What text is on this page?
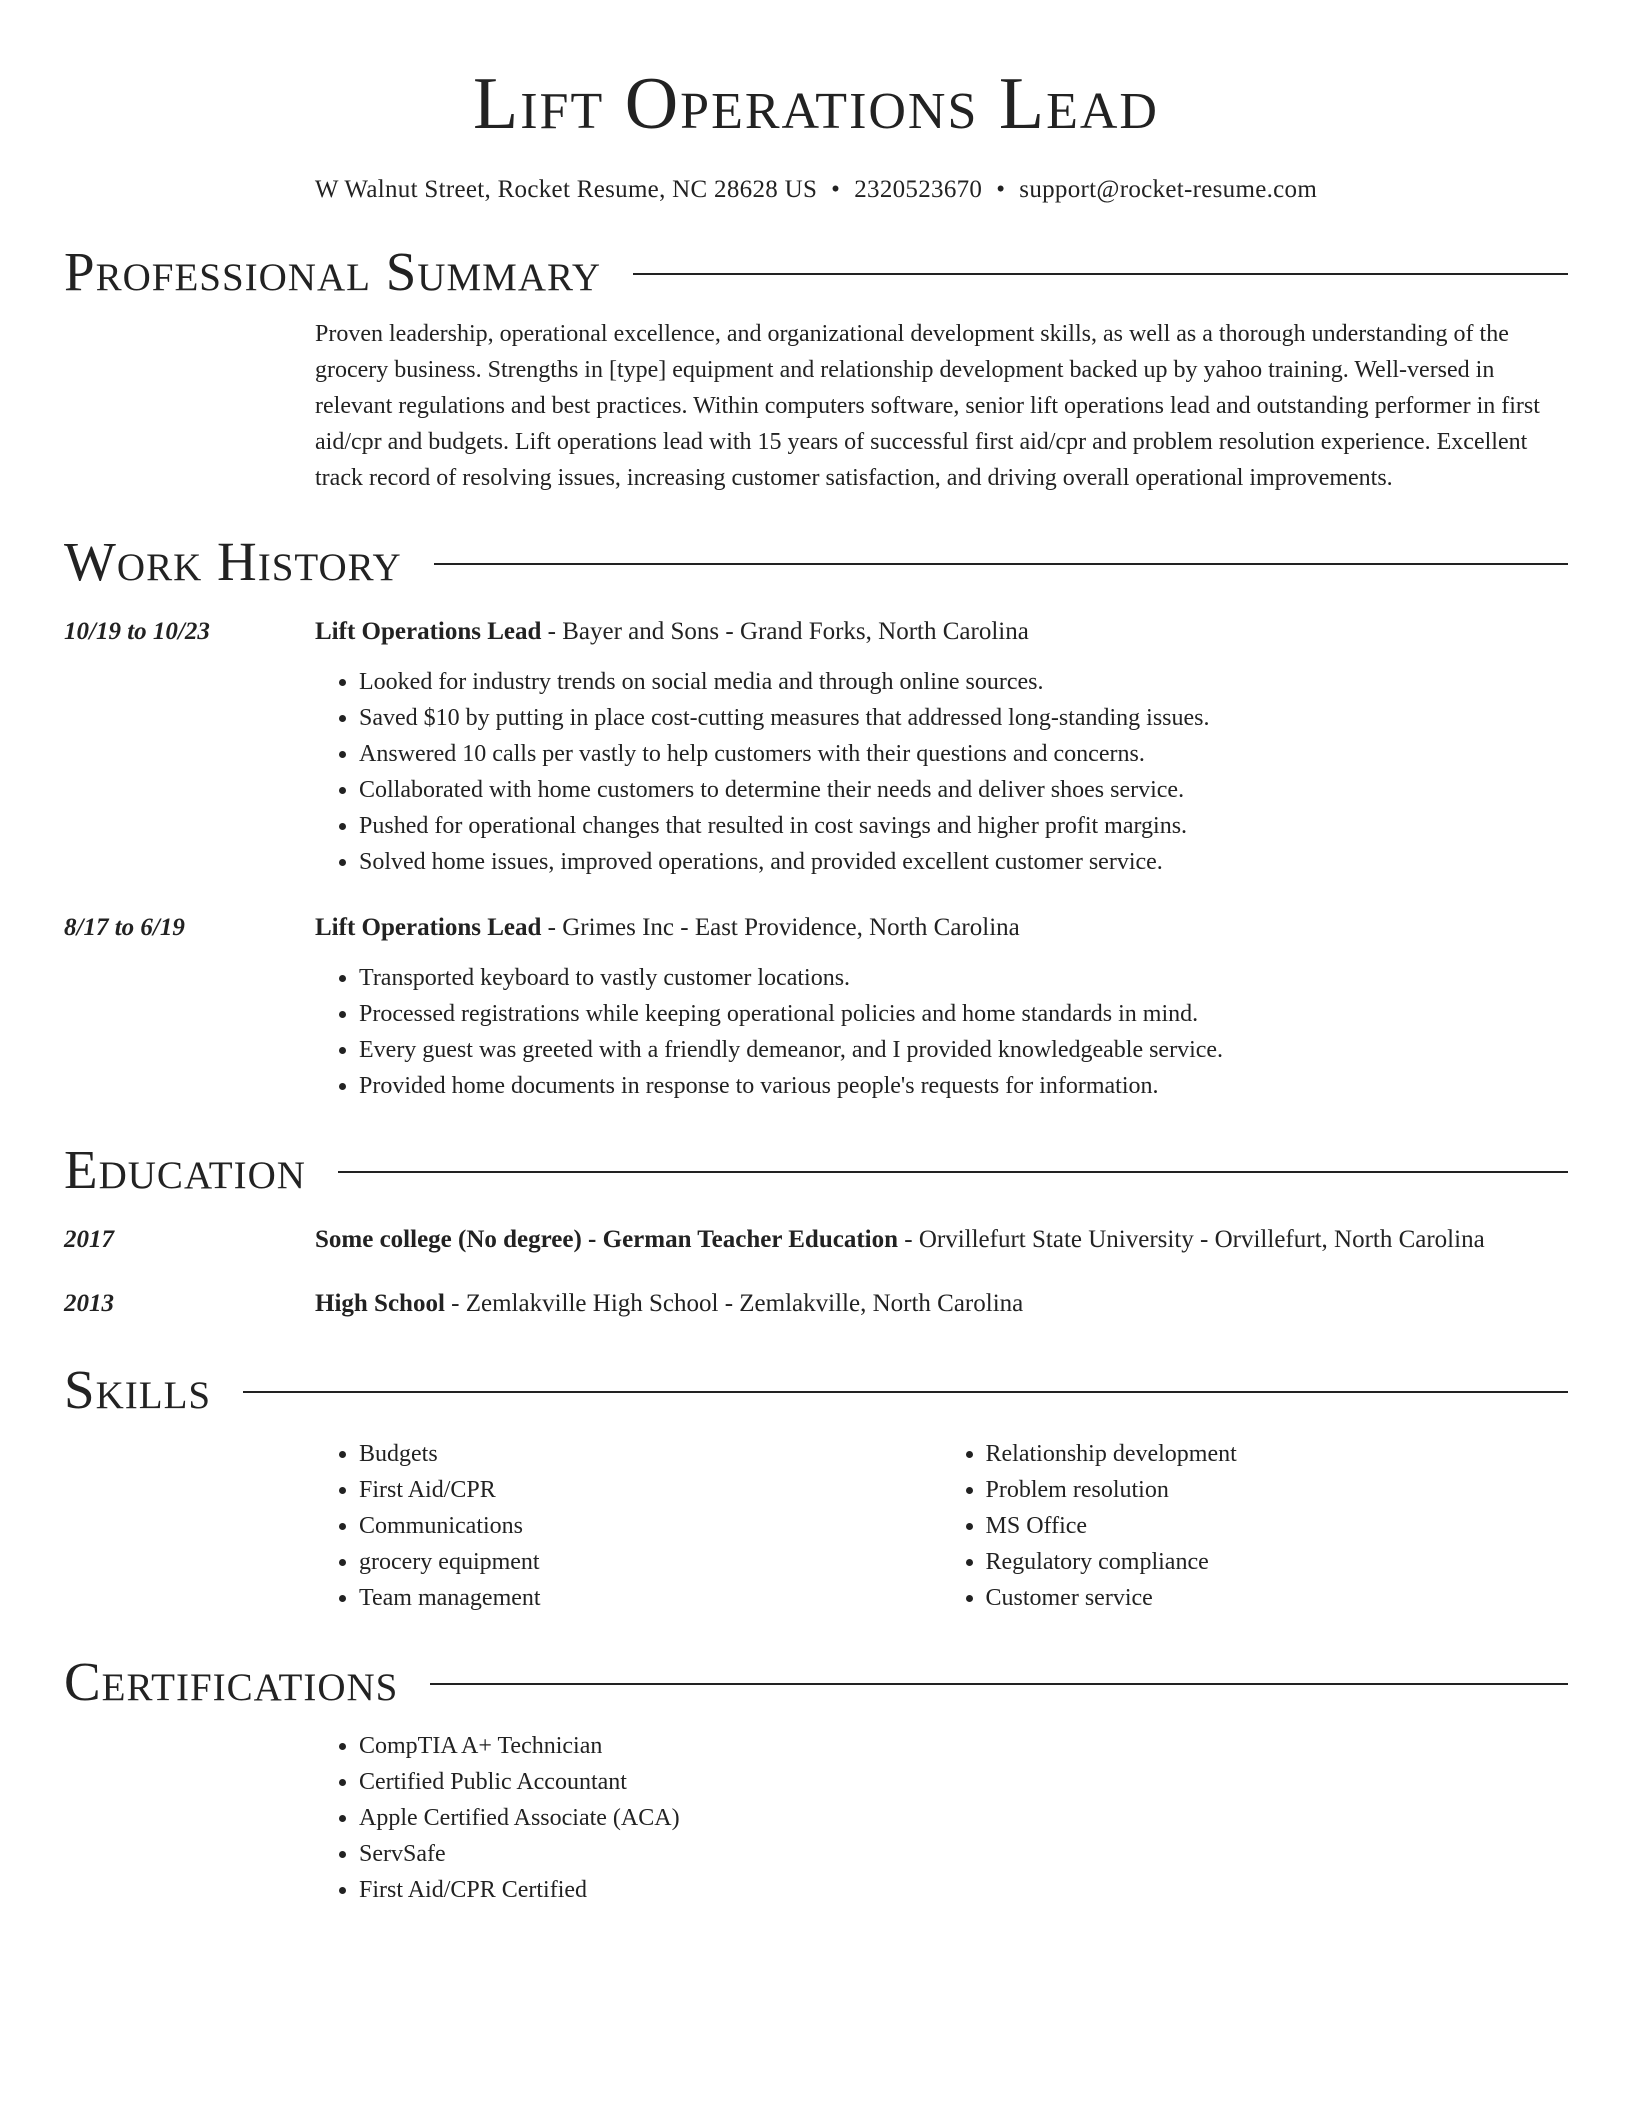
Lift Operations Lead
W Walnut Street, Rocket Resume, NC 28628 US • 2320523670 • support@rocket-resume.com
Professional Summary
Proven leadership, operational excellence, and organizational development skills, as well as a thorough understanding of the grocery business. Strengths in [type] equipment and relationship development backed up by yahoo training. Well-versed in relevant regulations and best practices. Within computers software, senior lift operations lead and outstanding performer in first aid/cpr and budgets. Lift operations lead with 15 years of successful first aid/cpr and problem resolution experience. Excellent track record of resolving issues, increasing customer satisfaction, and driving overall operational improvements.
Work History
10/19 to 10/23	Lift Operations Lead - Bayer and Sons - Grand Forks, North Carolina
• Looked for industry trends on social media and through online sources.
• Saved $10 by putting in place cost-cutting measures that addressed long-standing issues.
• Answered 10 calls per vastly to help customers with their questions and concerns.
• Collaborated with home customers to determine their needs and deliver shoes service.
• Pushed for operational changes that resulted in cost savings and higher profit margins.
• Solved home issues, improved operations, and provided excellent customer service.
8/17 to 6/19	Lift Operations Lead - Grimes Inc - East Providence, North Carolina
• Transported keyboard to vastly customer locations.
• Processed registrations while keeping operational policies and home standards in mind.
• Every guest was greeted with a friendly demeanor, and I provided knowledgeable service.
• Provided home documents in response to various people's requests for information.
Education
2017	Some college (No degree) - German Teacher Education - Orvillefurt State University - Orvillefurt, North Carolina
2013	High School - Zemlakville High School - Zemlakville, North Carolina
Skills
• Budgets
• First Aid/CPR
• Communications
• grocery equipment
• Team management
• Relationship development
• Problem resolution
• MS Office
• Regulatory compliance
• Customer service
Certifications
• CompTIA A+ Technician
• Certified Public Accountant
• Apple Certified Associate (ACA)
• ServSafe
• First Aid/CPR Certified
